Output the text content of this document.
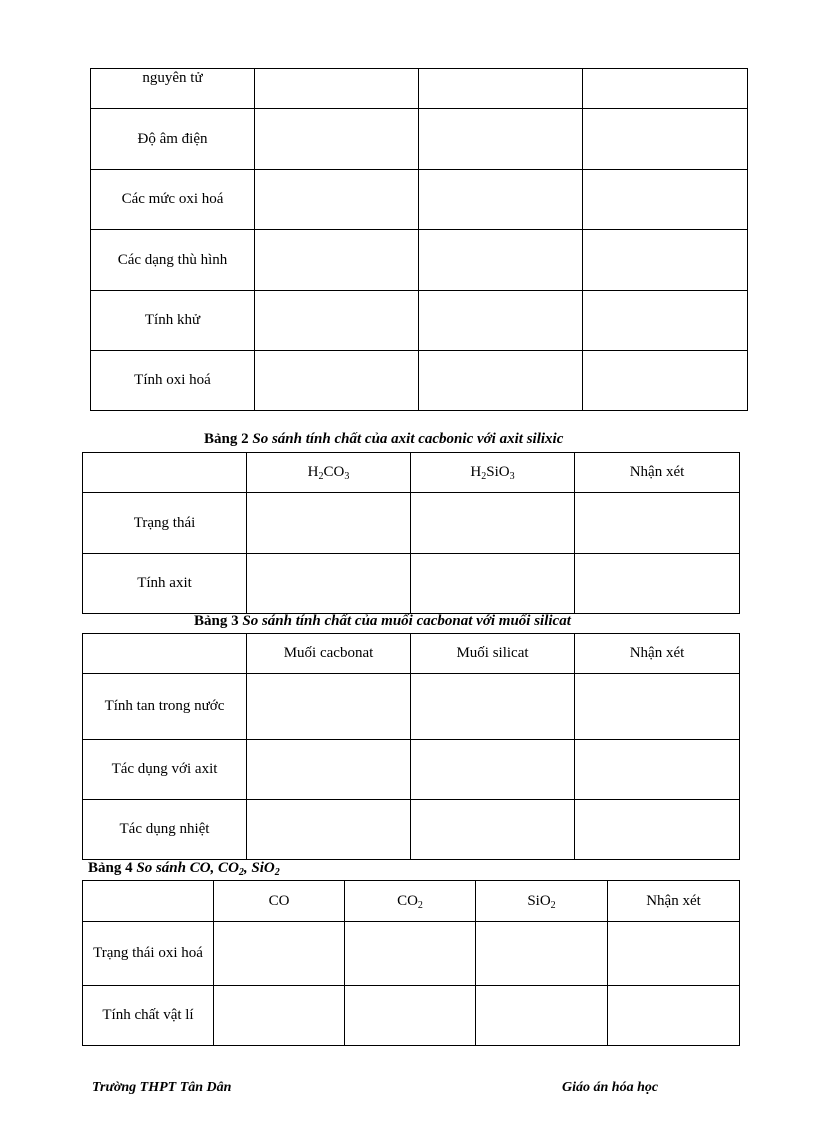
nguyên tử			
Độ âm điện			
Các mức oxi hoá			
Các dạng thù hình			
Tính khử			
Tính oxi hoá			
Bảng 2 So sánh tính chất của axit cacbonic với axit silixic
	$H_2CO_3$	$H_2SiO_3$	Nhận xét
Trạng thái			
Tính axit			
Bảng 3 So sánh tính chất của muối cacbonat với muối silicat
	Muối cacbonat	Muối silicat	Nhận xét
Tính tan trong nước			
Tác dụng với axit			
Tác dụng nhiệt			
Bảng 4 So sánh CO, $CO_2$, SiO$_2$
	CO	$CO_2$	SiO$_2$	Nhận xét
Trạng thái oxi hoá				
Tính chất vật lí				
Trường THPT Tân Dân	Giáo án hóa học
